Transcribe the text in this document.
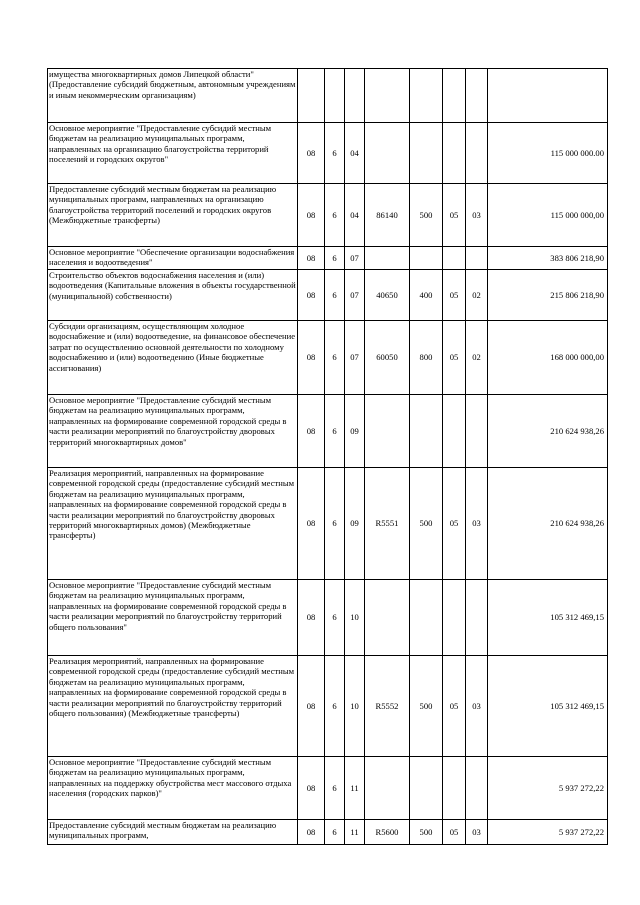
имущества многоквартирных домов Липецкой области" (Предоставление субсидий бюджетным, автономным учреждениям и иным некоммерческим организациям)								
Основное мероприятие "Предоставление субсидий местным бюджетам на реализацию муниципальных программ, направленных на организацию благоустройства территорий поселений и городских округов"	08	6	04					115 000 000.00
Предоставление субсидий местным бюджетам на реализацию муниципальных программ, направленных на организацию благоустройства территорий поселений и городских округов (Межбюджетные трансферты)	08	6	04	86140	500	05	03	115 000 000,00
Основное мероприятие "Обеспечение организации водоснабжения населения и водоотведения"	08	6	07					383 806 218,90
Строительство объектов водоснабжения населения и (или) водоотведения (Капитальные вложения в объекты государственной (муниципальной) собственности)	08	6	07	40650	400	05	02	215 806 218,90
Субсидии организациям, осуществляющим холодное водоснабжение и (или) водоотведение, на финансовое обеспечение затрат по осуществлению основной деятельности по холодному водоснабжению и (или) водоотведению (Иные бюджетные ассигнования)	08	6	07	60050	800	05	02	168 000 000,00
Основное мероприятие "Предоставление субсидий местным бюджетам на реализацию муниципальных программ, направленных на формирование современной городской среды в части реализации мероприятий по благоустройству дворовых территорий многоквартирных домов"	08	6	09					210 624 938,26
Реализация мероприятий, направленных на формирование современной городской среды (предоставление субсидий местным бюджетам на реализацию муниципальных программ, направленных на формирование современной городской среды в части реализации мероприятий по благоустройству дворовых территорий многоквартирных домов) (Межбюджетные трансферты)	08	6	09	R5551	500	05	03	210 624 938,26
Основное мероприятие "Предоставление субсидий местным бюджетам на реализацию муниципальных программ, направленных на формирование современной городской среды в части реализации мероприятий по благоустройству территорий общего пользования"	08	6	10					105 312 469,15
Реализация мероприятий, направленных на формирование современной городской среды (предоставление субсидий местным бюджетам на реализацию муниципальных программ, направленных на формирование современной городской среды в части реализации мероприятий по благоустройству территорий общего пользования) (Межбюджетные трансферты)	08	6	10	R5552	500	05	03	105 312 469,15
Основное мероприятие "Предоставление субсидий местным бюджетам на реализацию муниципальных программ, направленных на поддержку обустройства мест массового отдыха населения (городских парков)"	08	6	11					5 937 272,22
Предоставление субсидий местным бюджетам на реализацию муниципальных программ,	08	6	11	R5600	500	05	03	5 937 272,22
